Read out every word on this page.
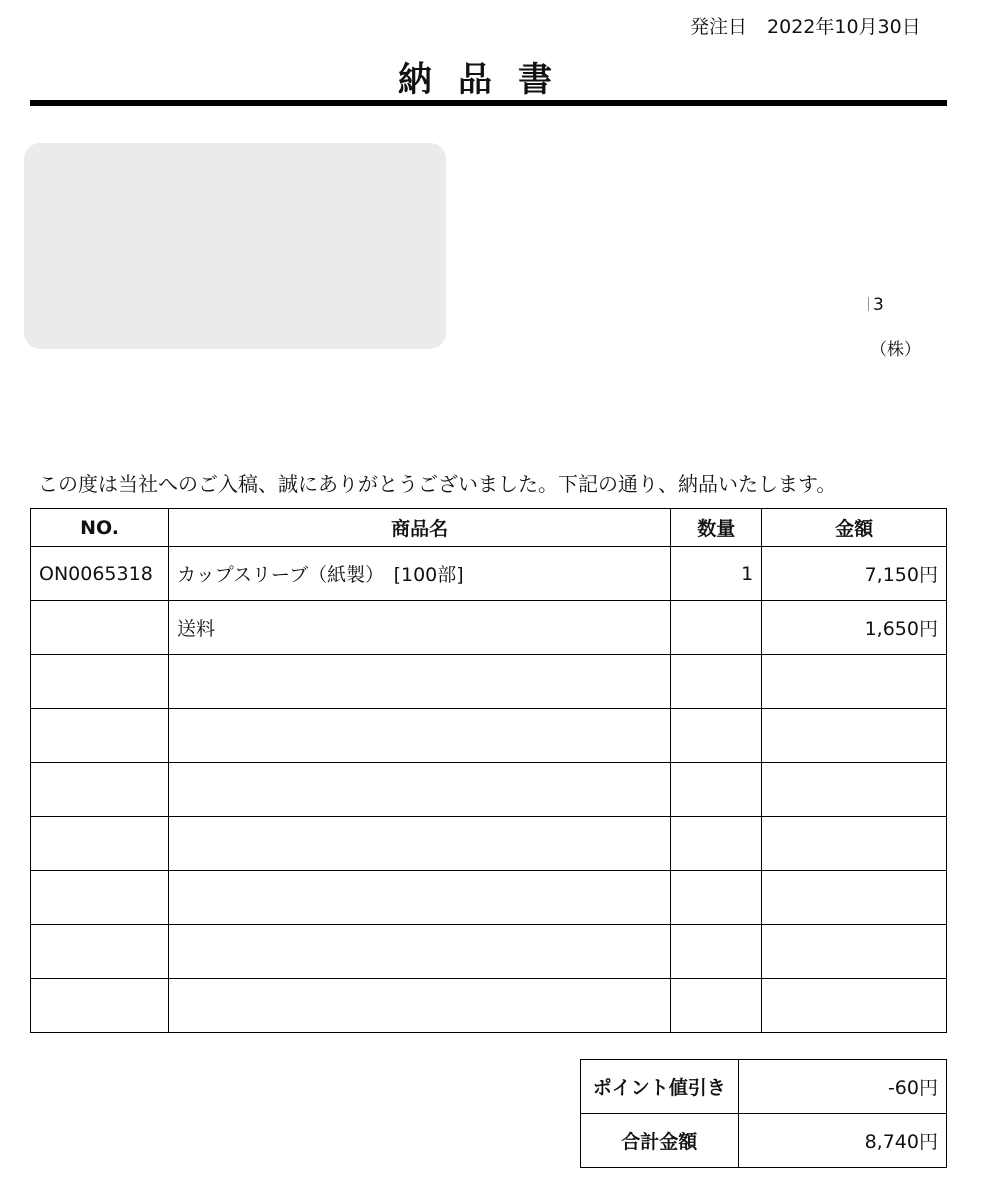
発注日 2022年10月30日
納品書
3
（株）
この度は当社へのご入稿、誠にありがとうございました。下記の通り、納品いたします。
NO.	商品名	数量	金額
ON0065318	カップスリーブ（紙製）　[100部]	1	7,150円
	送料		1,650円

ポイント値引き	-60円
合計金額	8,740円
